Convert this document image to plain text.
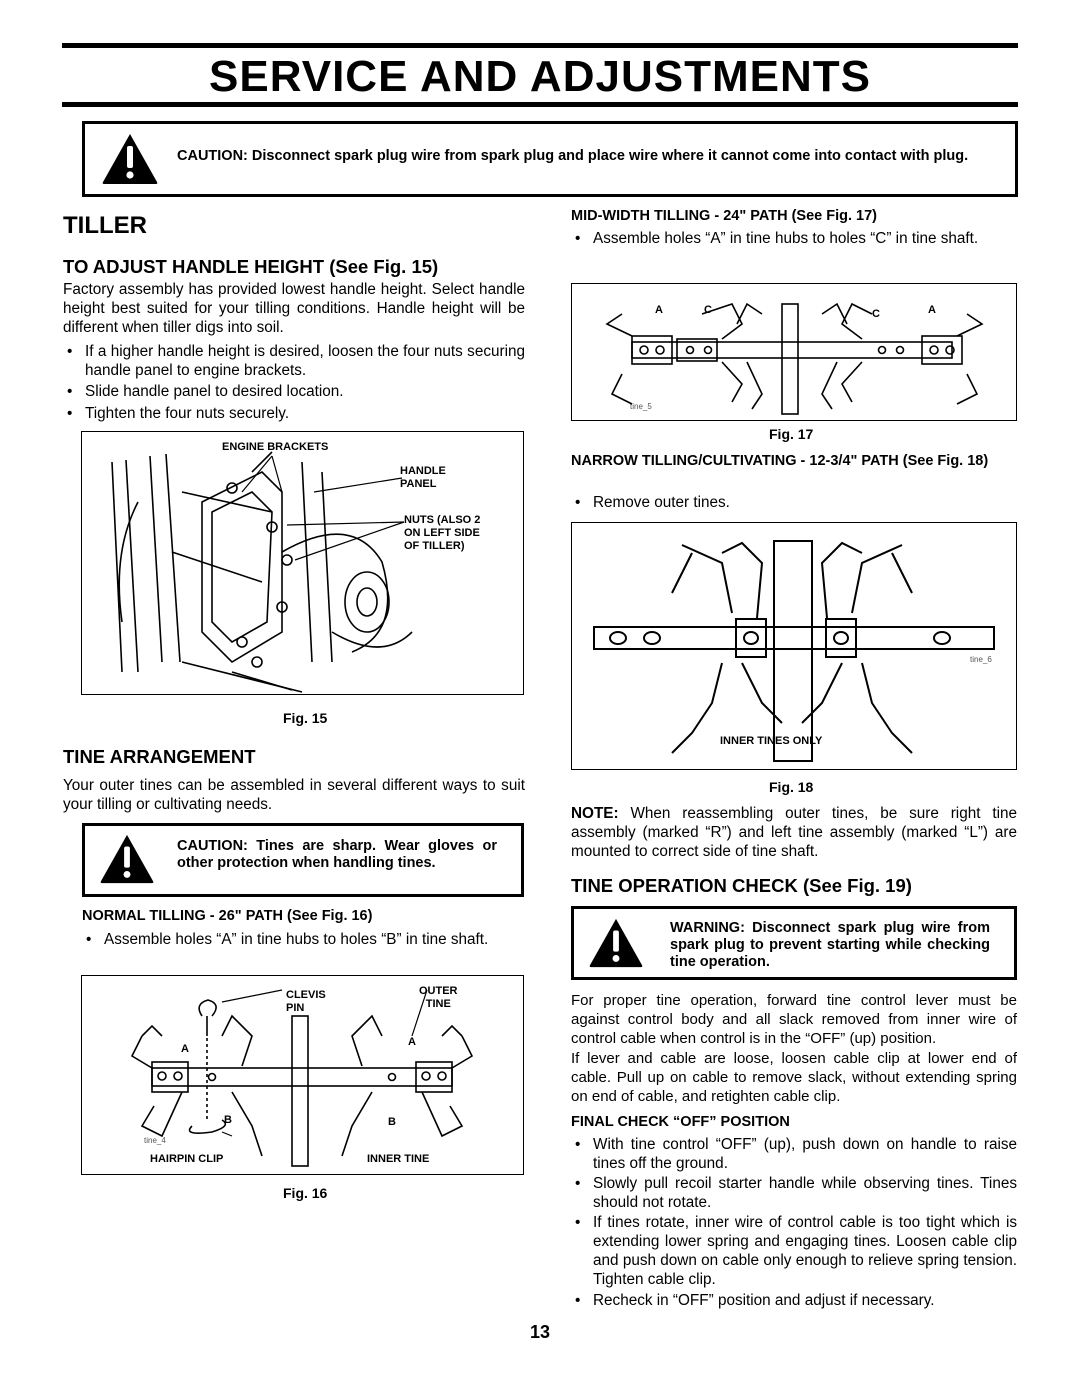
SERVICE AND ADJUSTMENTS
CAUTION: Disconnect spark plug wire from spark plug and place wire where it cannot come into contact with plug.
TILLER
TO ADJUST HANDLE HEIGHT (See Fig. 15)
Factory assembly has provided lowest handle height. Select handle height best suited for your tilling conditions. Handle height will be different when tiller digs into soil.
• If a higher handle height is desired, loosen the four nuts securing handle panel to engine brackets.
• Slide handle panel to desired location.
• Tighten the four nuts securely.
ENGINE BRACKETS
HANDLE
PANEL
NUTS (ALSO 2
ON LEFT SIDE
OF TILLER)
Fig. 15
TINE ARRANGEMENT
Your outer tines can be assembled in several different ways to suit your tilling or cultivating needs.
CAUTION: Tines are sharp. Wear gloves or other protection when handling tines.
NORMAL TILLING - 26" PATH (See Fig. 16)
• Assemble holes “A” in tine hubs to holes “B” in tine shaft.
CLEVIS
PIN
OUTER
TINE
A
A
B	B
HAIRPIN CLIP	INNER TINE
tine_4
Fig. 16
MID-WIDTH TILLING - 24" PATH (See Fig. 17)
• Assemble holes “A” in tine hubs to holes “C” in tine shaft.
A	C	C	A
tine_5
Fig. 17
NARROW TILLING/CULTIVATING - 12-3/4" PATH (See Fig. 18)
• Remove outer tines.
INNER TINES ONLY
tine_6
Fig. 18
NOTE: When reassembling outer tines, be sure right tine assembly (marked “R”) and left tine assembly (marked “L”) are mounted to correct side of tine shaft.
TINE OPERATION CHECK (See Fig. 19)
WARNING: Disconnect spark plug wire from spark plug to prevent starting while checking tine operation.
For proper tine operation, forward tine control lever must be against control body and all slack removed from inner wire of control cable when control is in the “OFF” (up) position.
If lever and cable are loose, loosen cable clip at lower end of cable. Pull up on cable to remove slack, without extending spring on end of cable, and retighten cable clip.
FINAL CHECK “OFF” POSITION
• With tine control “OFF” (up), push down on handle to raise tines off the ground.
• Slowly pull recoil starter handle while observing tines. Tines should not rotate.
• If tines rotate, inner wire of control cable is too tight which is extending lower spring and engaging tines. Loosen cable clip and push down on cable only enough to relieve spring tension. Tighten cable clip.
• Recheck in “OFF” position and adjust if necessary.
13
